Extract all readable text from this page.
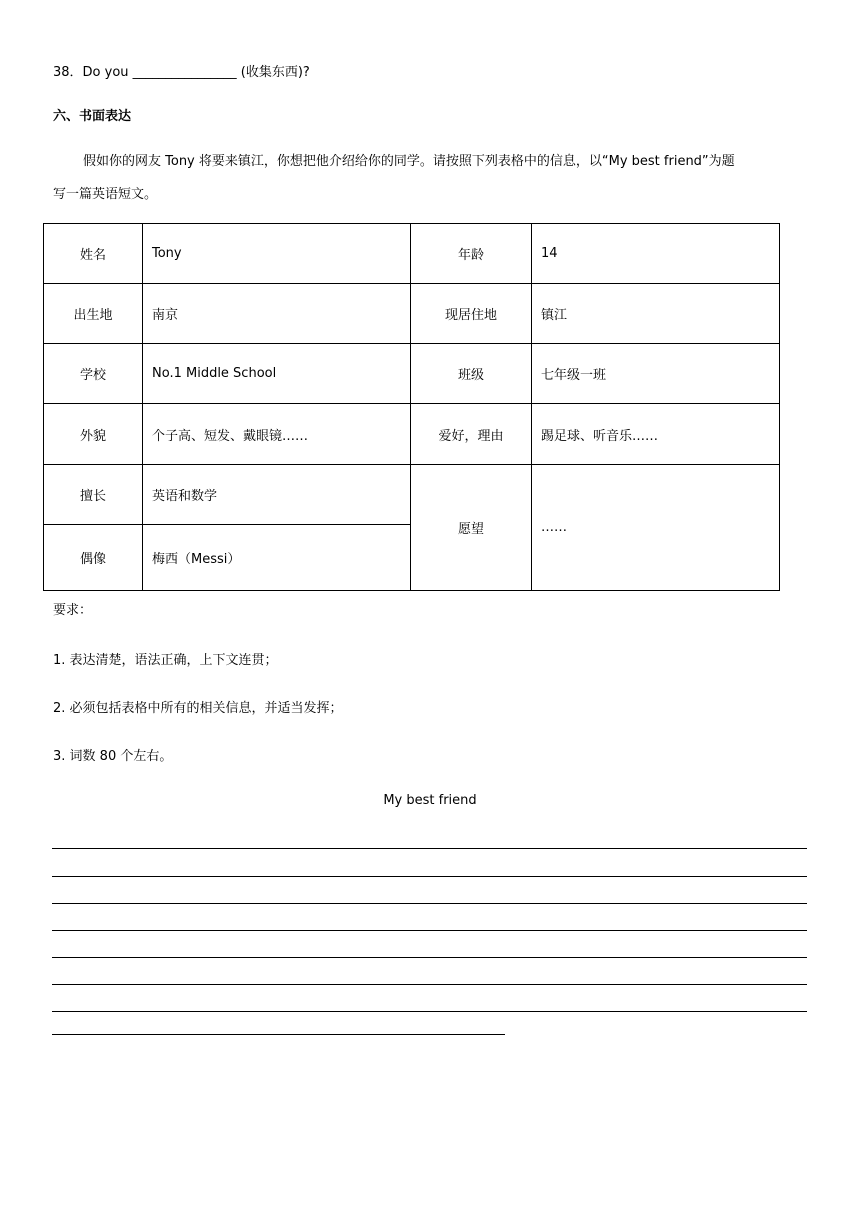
38．Do you ________________ (收集东西)?
六、书面表达
假如你的网友 Tony 将要来镇江，你想把他介绍给你的同学。请按照下列表格中的信息，以“My best friend”为题
写一篇英语短文。
姓名	Tony	年龄	14
出生地	南京	现居住地	镇江
学校	No.1 Middle School	班级	七年级一班
外貌	个子高、短发、戴眼镜……	爱好，理由	踢足球、听音乐……
擅长	英语和数学	愿望	……
偶像	梅西（Messi）		
要求：
1. 表达清楚，语法正确，上下文连贯；
2. 必须包括表格中所有的相关信息，并适当发挥；
3. 词数 80 个左右。
My best friend
